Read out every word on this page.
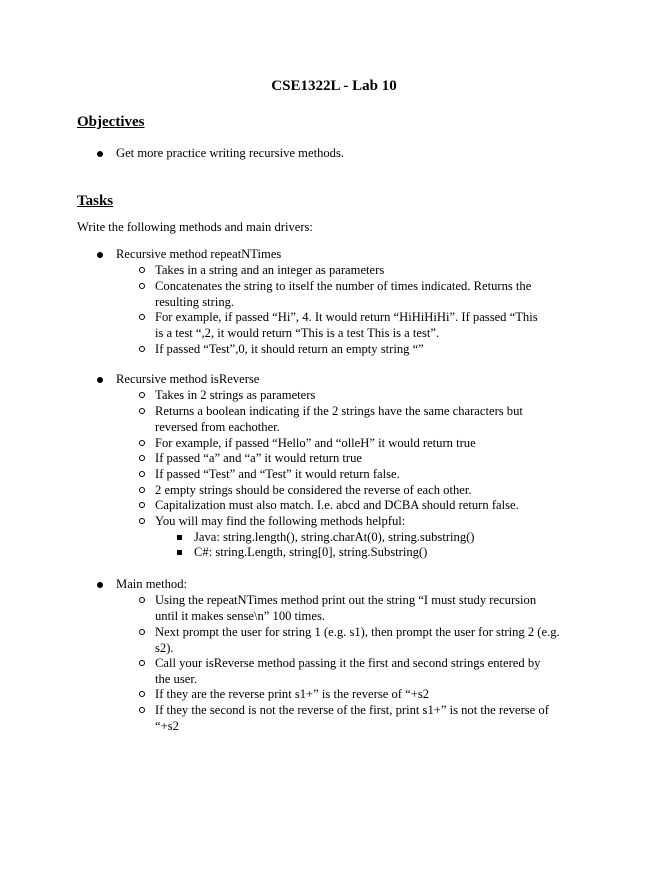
CSE1322L - Lab 10
Objectives
Get more practice writing recursive methods.
Tasks
Write the following methods and main drivers:
Recursive method repeatNTimes
Takes in a string and an integer as parameters
Concatenates the string to itself the number of times indicated. Returns the resulting string.
For example, if passed “Hi”, 4. It would return “HiHiHiHi”. If passed “This is a test “,2, it would return “This is a test This is a test”.
If passed “Test”,0, it should return an empty string “”
Recursive method isReverse
Takes in 2 strings as parameters
Returns a boolean indicating if the 2 strings have the same characters but reversed from eachother.
For example, if passed “Hello” and “olleH” it would return true
If passed “a” and “a” it would return true
If passed “Test” and “Test” it would return false.
2 empty strings should be considered the reverse of each other.
Capitalization must also match. I.e. abcd and DCBA should return false.
You will may find the following methods helpful:
Java: string.length(), string.charAt(0), string.substring()
C#: string.Length, string[0], string.Substring()
Main method:
Using the repeatNTimes method print out the string “I must study recursion until it makes sense\n” 100 times.
Next prompt the user for string 1 (e.g. s1), then prompt the user for string 2 (e.g. s2).
Call your isReverse method passing it the first and second strings entered by the user.
If they are the reverse print s1+” is the reverse of “+s2
If they the second is not the reverse of the first, print s1+” is not the reverse of “+s2
